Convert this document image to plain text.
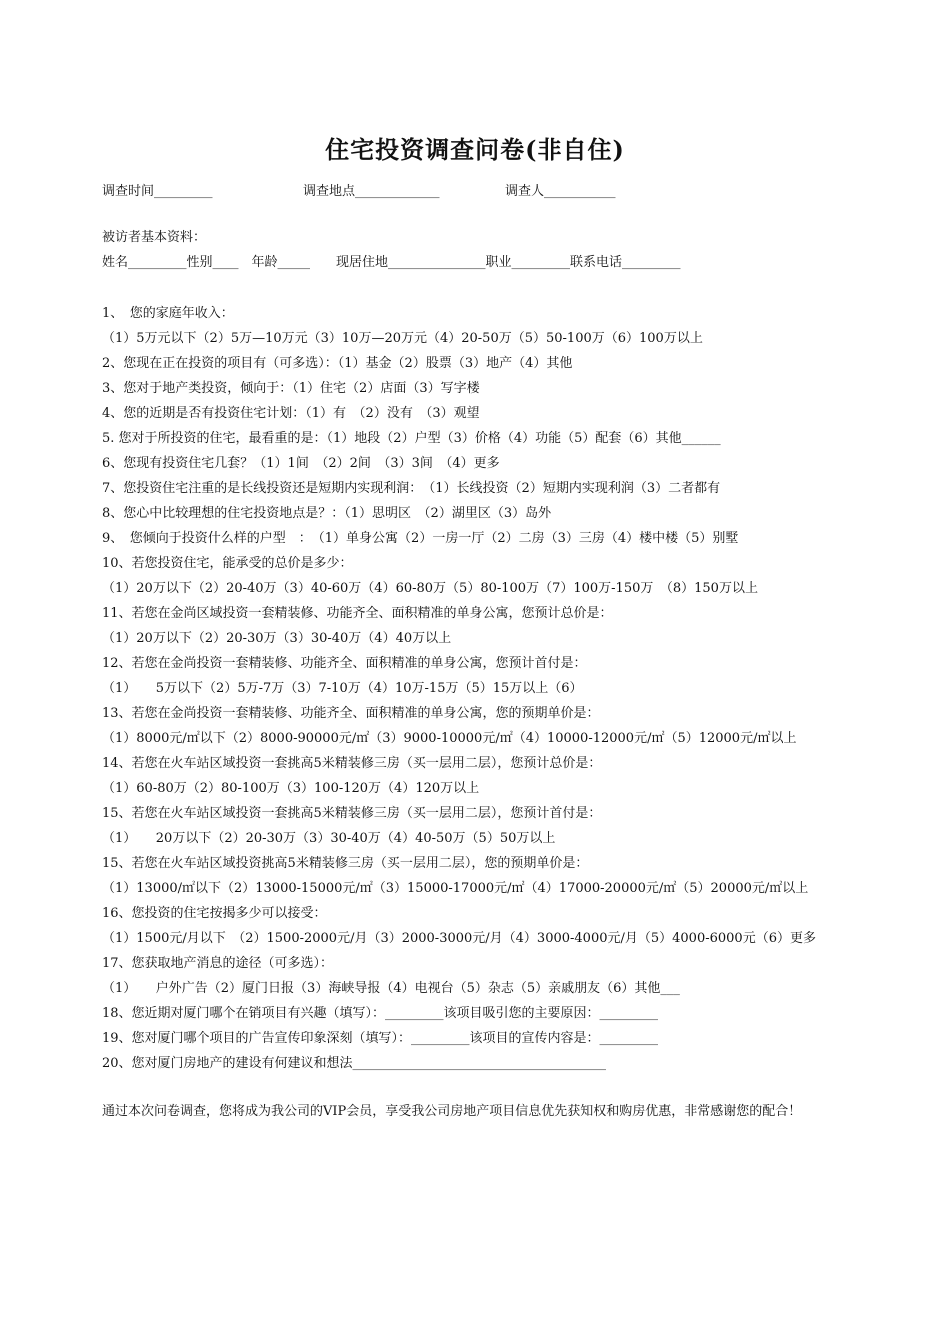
住宅投资调查问卷(非自住)
调查时间_________	调查地点_____________	调查人___________
被访者基本资料：
姓名_________性别____　年龄_____　　现居住地_______________职业_________联系电话_________
1、　您的家庭年收入：
（1）5万元以下（2）5万—10万元（3）10万—20万元（4）20-50万（5）50-100万（6）100万以上
2、您现在正在投资的项目有（可多选）：（1）基金（2）股票（3）地产（4）其他
3、您对于地产类投资，倾向于：（1）住宅（2）店面（3）写字楼
4、您的近期是否有投资住宅计划：（1）有　（2）没有　（3）观望
5. 您对于所投资的住宅，最看重的是：（1）地段（2）户型（3）价格（4）功能（5）配套（6）其他______
6、您现有投资住宅几套？（1）1间　（2）2间　（3）3间　（4）更多
7、您投资住宅注重的是长线投资还是短期内实现利润：　（1）长线投资（2）短期内实现利润（3）二者都有
8、您心中比较理想的住宅投资地点是？：（1）思明区　（2）湖里区（3）岛外
9、　您倾向于投资什么样的户型　：　（1）单身公寓（2）一房一厅（2）二房（3）三房（4）楼中楼（5）别墅
10、若您投资住宅，能承受的总价是多少：
（1）20万以下（2）20-40万（3）40-60万（4）60-80万（5）80-100万（7）100万-150万　（8）150万以上
11、若您在金尚区域投资一套精装修、功能齐全、面积精准的单身公寓，您预计总价是：
（1）20万以下（2）20-30万（3）30-40万（4）40万以上
12、若您在金尚投资一套精装修、功能齐全、面积精准的单身公寓，您预计首付是：
（1）　　5万以下（2）5万-7万（3）7-10万（4）10万-15万（5）15万以上（6）
13、若您在金尚投资一套精装修、功能齐全、面积精准的单身公寓，您的预期单价是：
（1）8000元/㎡以下（2）8000-90000元/㎡（3）9000-10000元/㎡（4）10000-12000元/㎡（5）12000元/㎡以上
14、若您在火车站区域投资一套挑高5米精装修三房（买一层用二层），您预计总价是：
（1）60-80万（2）80-100万（3）100-120万（4）120万以上
15、若您在火车站区域投资一套挑高5米精装修三房（买一层用二层），您预计首付是：
（1）　　20万以下（2）20-30万（3）30-40万（4）40-50万（5）50万以上
15、若您在火车站区域投资挑高5米精装修三房（买一层用二层），您的预期单价是：
（1）13000/㎡以下（2）13000-15000元/㎡（3）15000-17000元/㎡（4）17000-20000元/㎡（5）20000元/㎡以上
16、您投资的住宅按揭多少可以接受：
（1）1500元/月以下　（2）1500-2000元/月（3）2000-3000元/月（4）3000-4000元/月（5）4000-6000元（6）更多
17、您获取地产消息的途径（可多选）：
（1）　　户外广告（2）厦门日报（3）海峡导报（4）电视台（5）杂志（5）亲戚朋友（6）其他___
18、您近期对厦门哪个在销项目有兴趣（填写）：_________该项目吸引您的主要原因：_________
19、您对厦门哪个项目的广告宣传印象深刻（填写）：_________该项目的宣传内容是：_________
20、您对厦门房地产的建设有何建议和想法_______________________________________
通过本次问卷调查，您将成为我公司的VIP会员，享受我公司房地产项目信息优先获知权和购房优惠，非常感谢您的配合！
